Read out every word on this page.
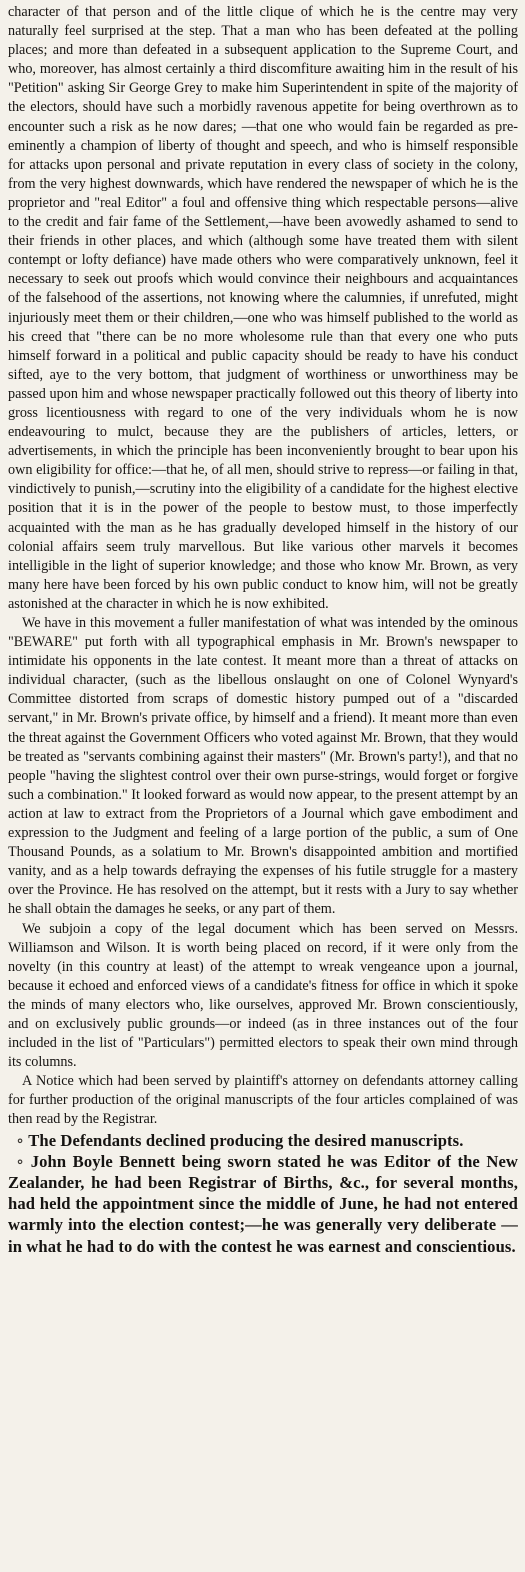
character of that person and of the little clique of which he is the centre may very naturally feel surprised at the step. That a man who has been defeated at the polling places; and more than defeated in a subsequent application to the Supreme Court, and who, moreover, has almost certainly a third discomfiture awaiting him in the result of his "Petition" asking Sir George Grey to make him Superintendent in spite of the majority of the electors, should have such a morbidly ravenous appetite for being overthrown as to encounter such a risk as he now dares; —that one who would fain be regarded as pre-eminently a champion of liberty of thought and speech, and who is himself responsible for attacks upon personal and private reputation in every class of society in the colony, from the very highest downwards, which have rendered the newspaper of which he is the proprietor and "real Editor" a foul and offensive thing which respectable persons—alive to the credit and fair fame of the Settlement,—have been avowedly ashamed to send to their friends in other places, and which (although some have treated them with silent contempt or lofty defiance) have made others who were comparatively unknown, feel it necessary to seek out proofs which would convince their neighbours and acquaintances of the falsehood of the assertions, not knowing where the calumnies, if unrefuted, might injuriously meet them or their children,—one who was himself published to the world as his creed that "there can be no more wholesome rule than that every one who puts himself forward in a political and public capacity should be ready to have his conduct sifted, aye to the very bottom, that judgment of worthiness or unworthiness may be passed upon him and whose newspaper practically followed out this theory of liberty into gross licentiousness with regard to one of the very individuals whom he is now endeavouring to mulct, because they are the publishers of articles, letters, or advertisements, in which the principle has been inconveniently brought to bear upon his own eligibility for office:—that he, of all men, should strive to repress—or failing in that, vindictively to punish,—scrutiny into the eligibility of a candidate for the highest elective position that it is in the power of the people to bestow must, to those imperfectly acquainted with the man as he has gradually developed himself in the history of our colonial affairs seem truly marvellous. But like various other marvels it becomes intelligible in the light of superior knowledge; and those who know Mr. Brown, as very many here have been forced by his own public conduct to know him, will not be greatly astonished at the character in which he is now exhibited.

We have in this movement a fuller manifestation of what was intended by the ominous "BEWARE" put forth with all typographical emphasis in Mr. Brown's newspaper to intimidate his opponents in the late contest. It meant more than a threat of attacks on individual character, (such as the libellous onslaught on one of Colonel Wynyard's Committee distorted from scraps of domestic history pumped out of a "discarded servant," in Mr. Brown's private office, by himself and a friend). It meant more than even the threat against the Government Officers who voted against Mr. Brown, that they would be treated as "servants combining against their masters" (Mr. Brown's party!), and that no people "having the slightest control over their own purse-strings, would forget or forgive such a combination." It looked forward as would now appear, to the present attempt by an action at law to extract from the Proprietors of a Journal which gave embodiment and expression to the Judgment and feeling of a large portion of the public, a sum of One Thousand Pounds, as a solatium to Mr. Brown's disappointed ambition and mortified vanity, and as a help towards defraying the expenses of his futile struggle for a mastery over the Province. He has resolved on the attempt, but it rests with a Jury to say whether he shall obtain the damages he seeks, or any part of them.

We subjoin a copy of the legal document which has been served on Messrs. Williamson and Wilson. It is worth being placed on record, if it were only from the novelty (in this country at least) of the attempt to wreak vengeance upon a journal, because it echoed and enforced views of a candidate's fitness for office in which it spoke the minds of many electors who, like ourselves, approved Mr. Brown conscientiously, and on exclusively public grounds—or indeed (as in three instances out of the four included in the list of "Particulars") permitted electors to speak their own mind through its columns.

A Notice which had been served by plaintiff's attorney on defendants attorney calling for further production of the original manuscripts of the four articles complained of was then read by the Registrar.

∘ The Defendants declined producing the desired manuscripts.

∘ John Boyle Bennett being sworn stated he was Editor of the New Zealander, he had been Registrar of Births, &c., for several months, had held the appointment since the middle of June, he had not entered warmly into the election contest;—he was generally very deliberate —in what he had to do with the contest he was earnest and conscientious.
